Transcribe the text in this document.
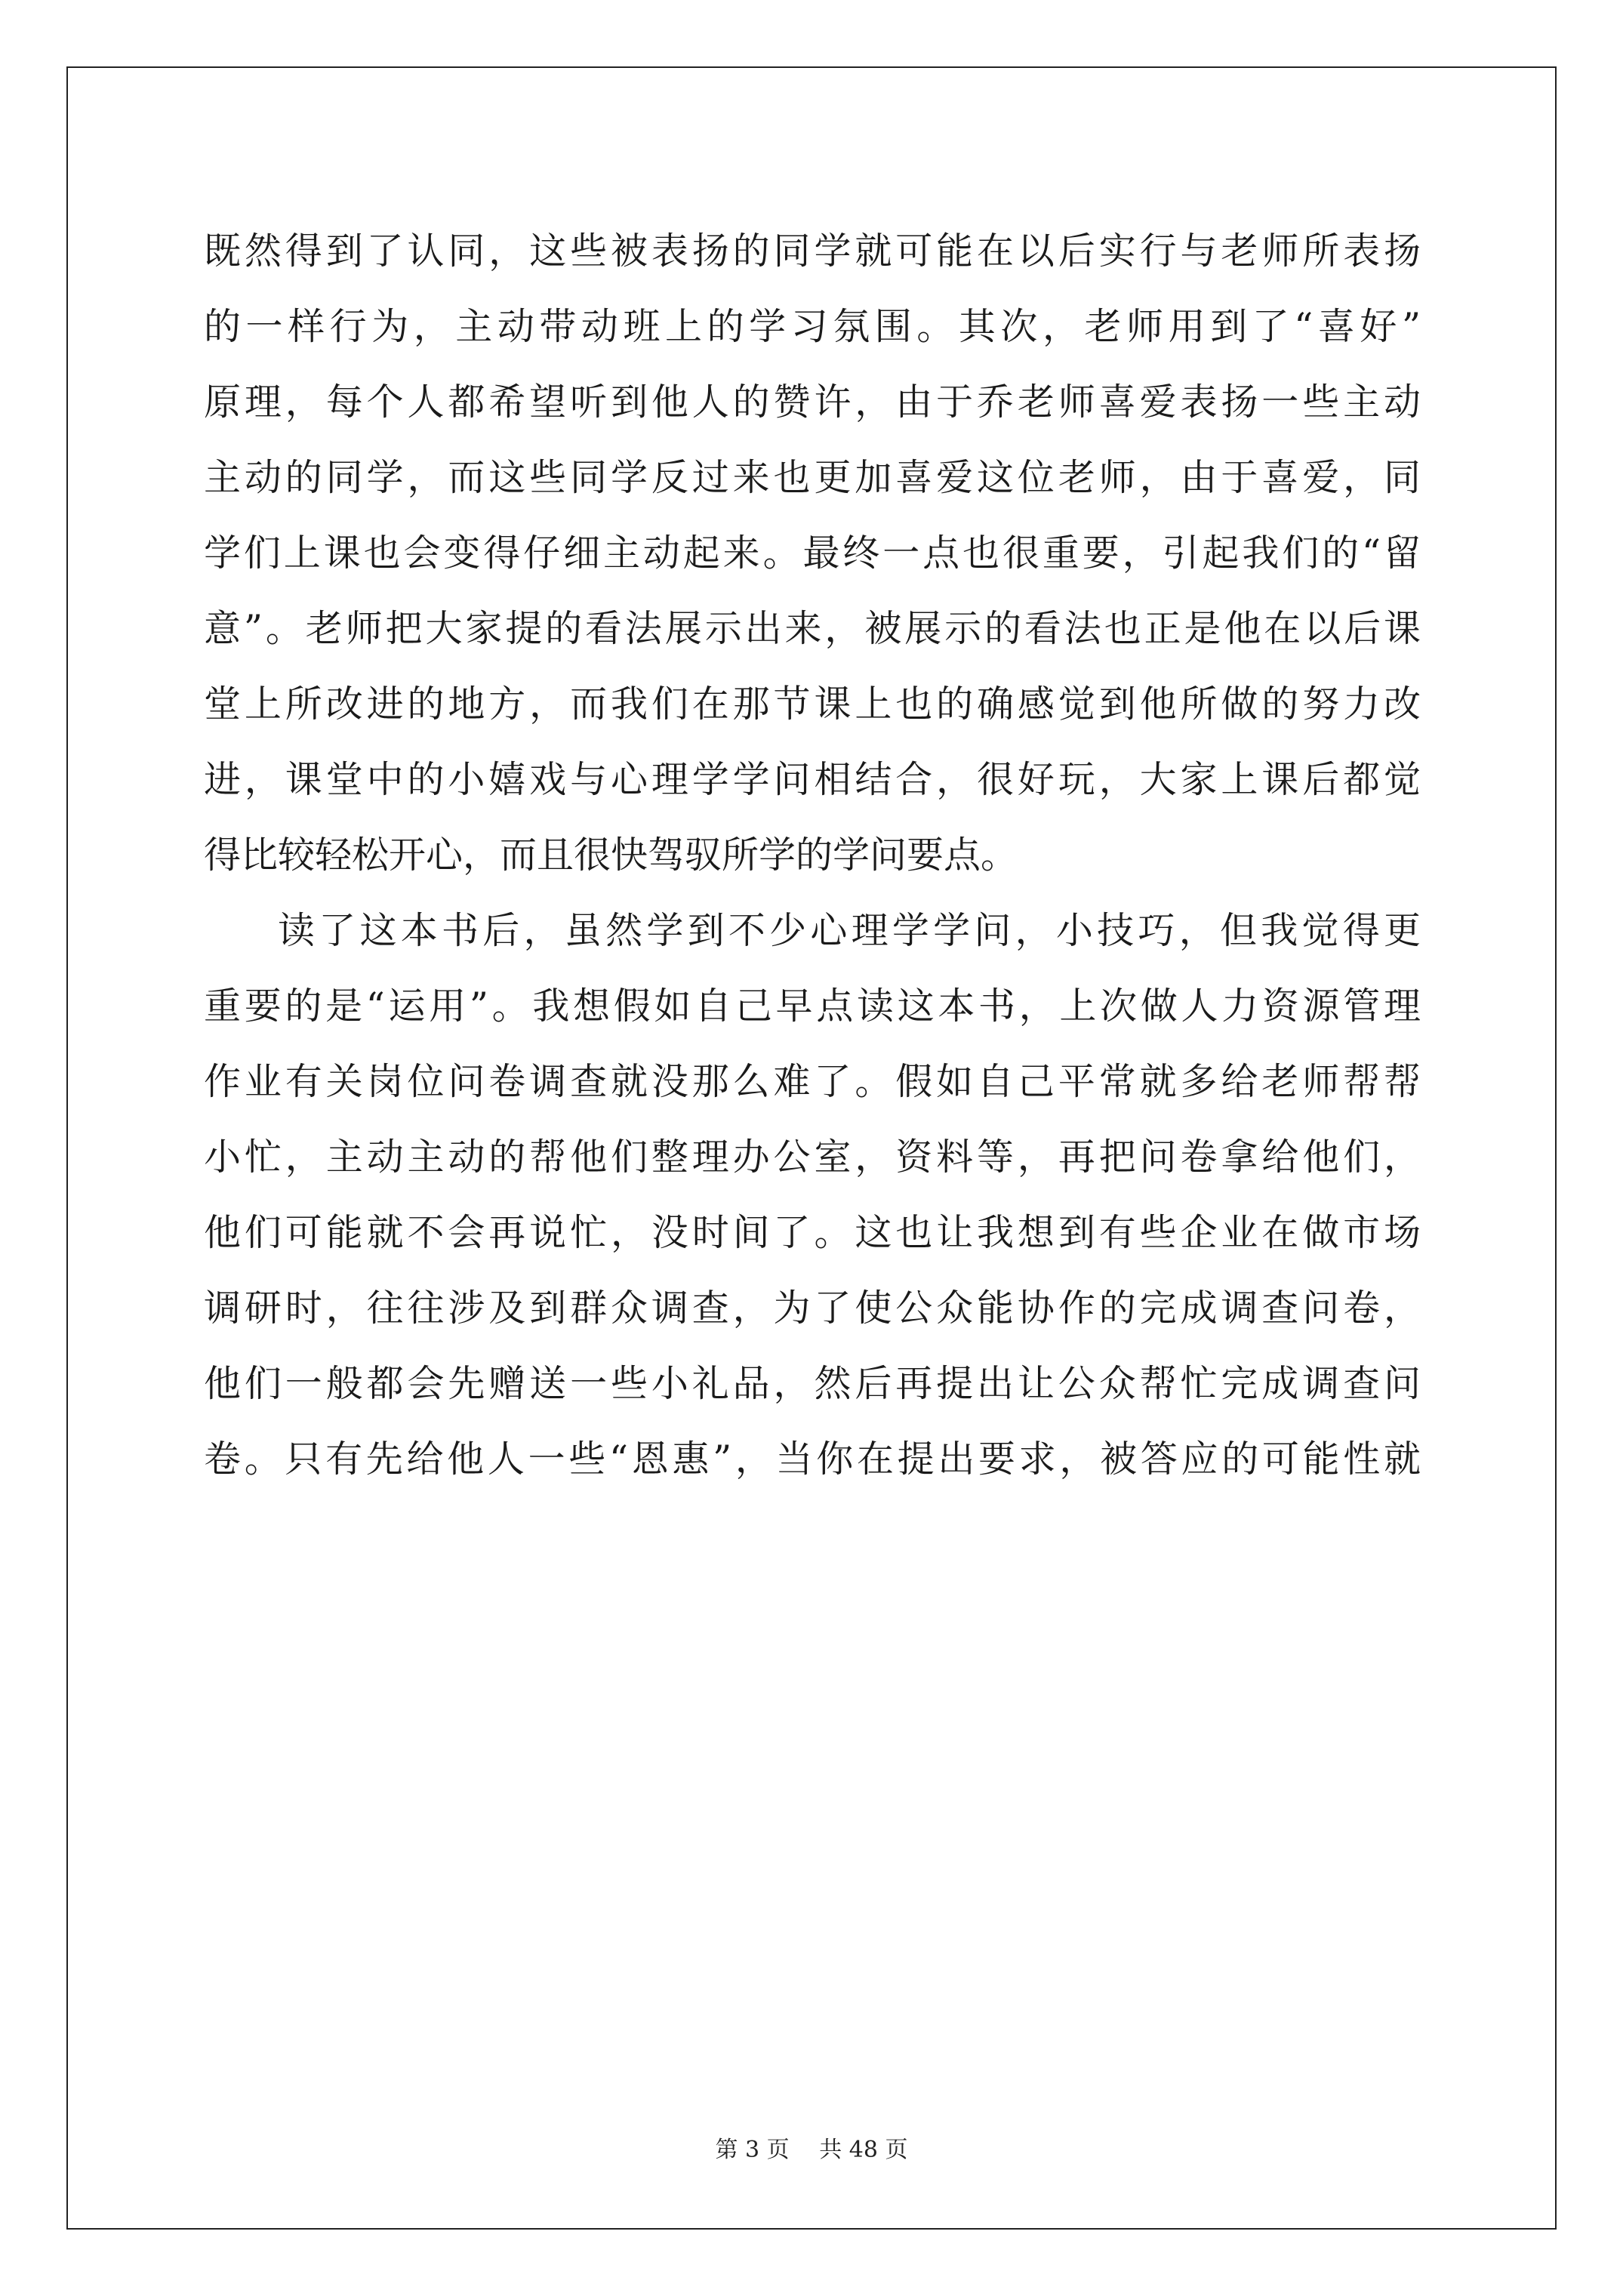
既然得到了认同，这些被表扬的同学就可能在以后实行与老师所表扬
的一样行为，主动带动班上的学习氛围。其次，老师用到了“喜好”
原理，每个人都希望听到他人的赞许，由于乔老师喜爱表扬一些主动
主动的同学，而这些同学反过来也更加喜爱这位老师，由于喜爱，同
学们上课也会变得仔细主动起来。最终一点也很重要，引起我们的“留
意”。老师把大家提的看法展示出来，被展示的看法也正是他在以后课
堂上所改进的地方，而我们在那节课上也的确感觉到他所做的努力改
进，课堂中的小嬉戏与心理学学问相结合，很好玩，大家上课后都觉
得比较轻松开心，而且很快驾驭所学的学问要点。
读了这本书后，虽然学到不少心理学学问，小技巧，但我觉得更
重要的是“运用”。我想假如自己早点读这本书，上次做人力资源管理
作业有关岗位问卷调查就没那么难了。假如自己平常就多给老师帮帮
小忙，主动主动的帮他们整理办公室，资料等，再把问卷拿给他们，
他们可能就不会再说忙，没时间了。这也让我想到有些企业在做市场
调研时，往往涉及到群众调查，为了使公众能协作的完成调查问卷，
他们一般都会先赠送一些小礼品，然后再提出让公众帮忙完成调查问
卷。只有先给他人一些“恩惠”，当你在提出要求，被答应的可能性就
第 3 页　 共 48 页
